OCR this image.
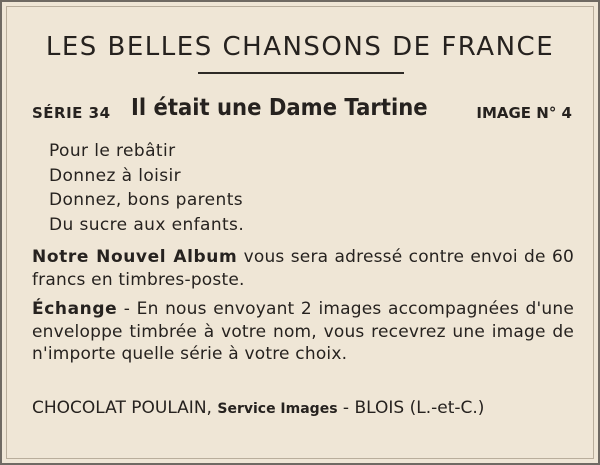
LES BELLES CHANSONS DE FRANCE
SÉRIE 34 Il était une Dame Tartine	IMAGE N° 4
Pour le rebâtir
Donnez à loisir
Donnez, bons parents
Du sucre aux enfants.
Notre Nouvel Album vous sera adressé contre envoi de 60 francs en timbres-poste.
Échange - En nous envoyant 2 images accompagnées d'une enveloppe timbrée à votre nom, vous recevrez une image de n'importe quelle série à votre choix.
CHOCOLAT POULAIN, Service Images - BLOIS (L.-et-C.)
